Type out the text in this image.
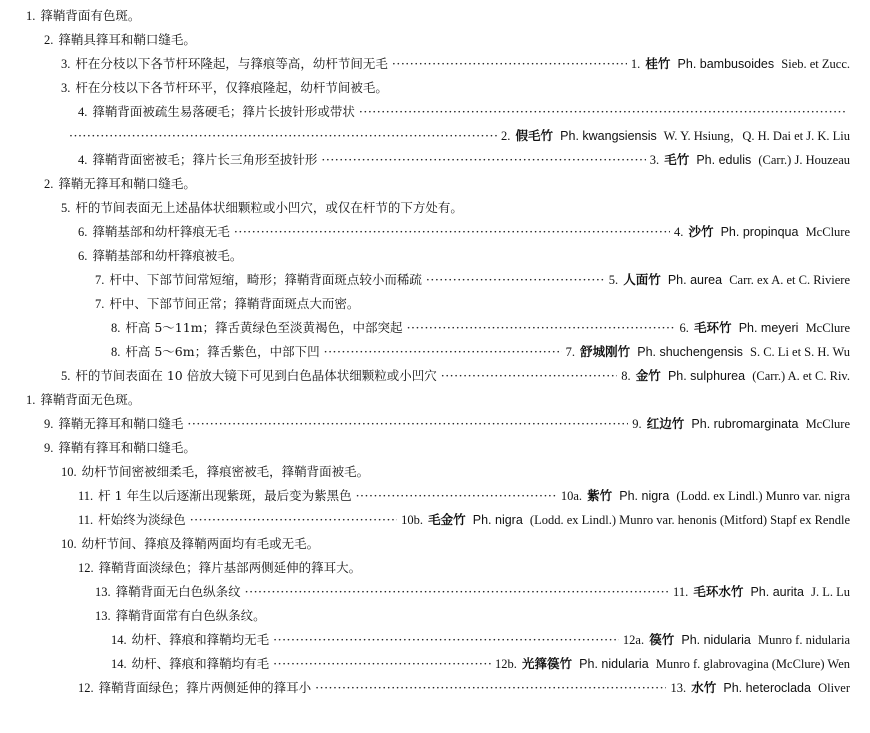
1. 箨鞘背面有色斑。
2. 箨鞘具箨耳和鞘口缝毛。
3. 杆在分枝以下各节杆环隆起，与箨痕等高，幼杆节间无毛 ·····	1. 桂竹 Ph. bambusoides Sieb. et Zucc.
3. 杆在分枝以下各节杆环平，仅箨痕隆起，幼杆节间被毛。
4. 箨鞘背面被疏生易落硬毛；箨片长披针形或带状
·····
·····
2. 假毛竹 Ph. kwangsiensis W. Y. Hsiung，Q. H. Dai et J. K. Liu
4. 箨鞘背面密被毛；箨片长三角形至披针形 ·····	3. 毛竹 Ph. edulis (Carr.) J. Houzeau
2. 箨鞘无箨耳和鞘口缝毛。
5. 杆的节间表面无上述晶体状细颗粒或小凹穴，或仅在杆节的下方处有。
6. 箨鞘基部和幼杆箨痕无毛 ·····	4. 沙竹 Ph. propinqua McClure
6. 箨鞘基部和幼杆箨痕被毛。
7. 杆中、下部节间常短缩，畸形；箨鞘背面斑点较小而稀疏 ·····	5. 人面竹 Ph. aurea Carr. ex A. et C. Riviere
7. 杆中、下部节间正常；箨鞘背面斑点大而密。
8. 杆高 5～11m；箨舌黄绿色至淡黄褐色，中部突起 ·····	6. 毛环竹 Ph. meyeri McClure
8. 杆高 5～6m；箨舌紫色，中部下凹 ·····	7. 舒城刚竹 Ph. shuchengensis S. C. Li et S. H. Wu
5. 杆的节间表面在 10 倍放大镜下可见到白色晶体状细颗粒或小凹穴 ·····	8. 金竹 Ph. sulphurea (Carr.) A. et C. Riv.
1. 箨鞘背面无色斑。
9. 箨鞘无箨耳和鞘口缝毛 ·····	9. 红边竹 Ph. rubromarginata McClure
9. 箨鞘有箨耳和鞘口缝毛。
10. 幼杆节间密被细柔毛，箨痕密被毛，箨鞘背面被毛。
11. 杆 1 年生以后逐渐出现紫斑，最后变为紫黑色 ·····	10a. 紫竹 Ph. nigra (Lodd. ex Lindl.) Munro var. nigra
11. 杆始终为淡绿色 ·····	10b. 毛金竹 Ph. nigra (Lodd. ex Lindl.) Munro var. henonis (Mitford) Stapf ex Rendle
10. 幼杆节间、箨痕及箨鞘两面均有毛或无毛。
12. 箨鞘背面淡绿色；箨片基部两侧延伸的箨耳大。
13. 箨鞘背面无白色纵条纹 ·····	11. 毛环水竹 Ph. aurita J. L. Lu
13. 箨鞘背面常有白色纵条纹。
14. 幼杆、箨痕和箨鞘均无毛 ·····	12a. 篌竹 Ph. nidularia Munro f. nidularia
14. 幼杆、箨痕和箨鞘均有毛 ·····	12b. 光箨篌竹 Ph. nidularia Munro f. glabrovagina (McClure) Wen
12. 箨鞘背面绿色；箨片两侧延伸的箨耳小 ·····	13. 水竹 Ph. heteroclada Oliver
